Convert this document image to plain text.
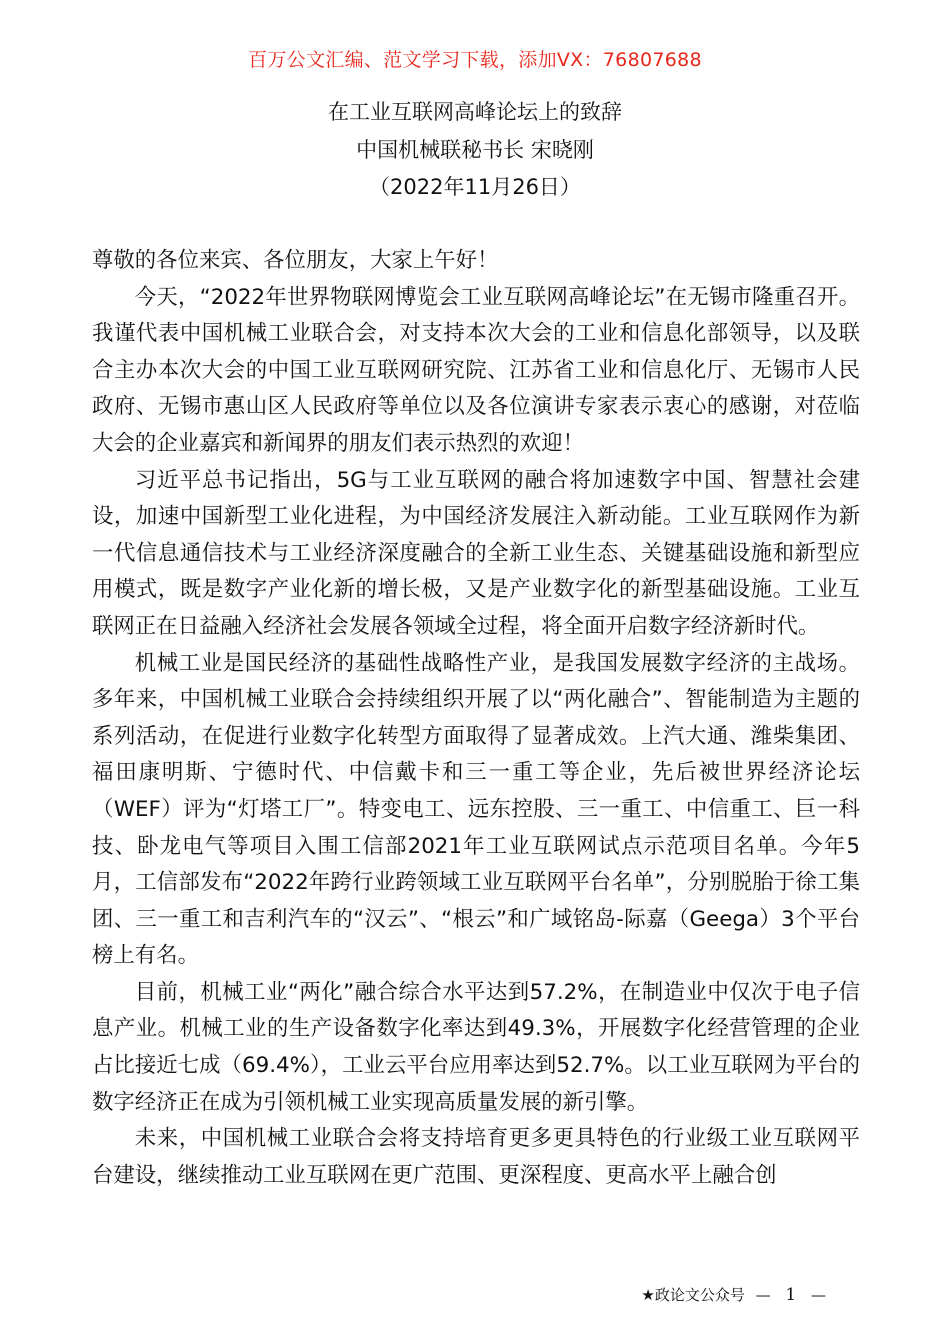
百万公文汇编、范文学习下载，添加VX：76807688
在工业互联网高峰论坛上的致辞
中国机械联秘书长 宋晓刚
（2022年11月26日）

尊敬的各位来宾、各位朋友，大家上午好！

今天，“2022年世界物联网博览会工业互联网高峰论坛”在无锡市隆重召开。我谨代表中国机械工业联合会，对支持本次大会的工业和信息化部领导，以及联合主办本次大会的中国工业互联网研究院、江苏省工业和信息化厅、无锡市人民政府、无锡市惠山区人民政府等单位以及各位演讲专家表示衷心的感谢，对莅临大会的企业嘉宾和新闻界的朋友们表示热烈的欢迎！

习近平总书记指出，5G与工业互联网的融合将加速数字中国、智慧社会建设，加速中国新型工业化进程，为中国经济发展注入新动能。工业互联网作为新一代信息通信技术与工业经济深度融合的全新工业生态、关键基础设施和新型应用模式，既是数字产业化新的增长极，又是产业数字化的新型基础设施。工业互联网正在日益融入经济社会发展各领域全过程，将全面开启数字经济新时代。

机械工业是国民经济的基础性战略性产业，是我国发展数字经济的主战场。多年来，中国机械工业联合会持续组织开展了以“两化融合”、智能制造为主题的系列活动，在促进行业数字化转型方面取得了显著成效。上汽大通、潍柴集团、福田康明斯、宁德时代、中信戴卡和三一重工等企业，先后被世界经济论坛（WEF）评为“灯塔工厂”。特变电工、远东控股、三一重工、中信重工、巨一科技、卧龙电气等项目入围工信部2021年工业互联网试点示范项目名单。今年5月，工信部发布“2022年跨行业跨领域工业互联网平台名单”，分别脱胎于徐工集团、三一重工和吉利汽车的“汉云”、“根云”和广域铭岛-际嘉（Geega）3个平台榜上有名。

目前，机械工业“两化”融合综合水平达到57.2%，在制造业中仅次于电子信息产业。机械工业的生产设备数字化率达到49.3%，开展数字化经营管理的企业占比接近七成（69.4%），工业云平台应用率达到52.7%。以工业互联网为平台的数字经济正在成为引领机械工业实现高质量发展的新引擎。

未来，中国机械工业联合会将支持培育更多更具特色的行业级工业互联网平台建设，继续推动工业互联网在更广范围、更深程度、更高水平上融合创

★政论文公众号 — 1 —
